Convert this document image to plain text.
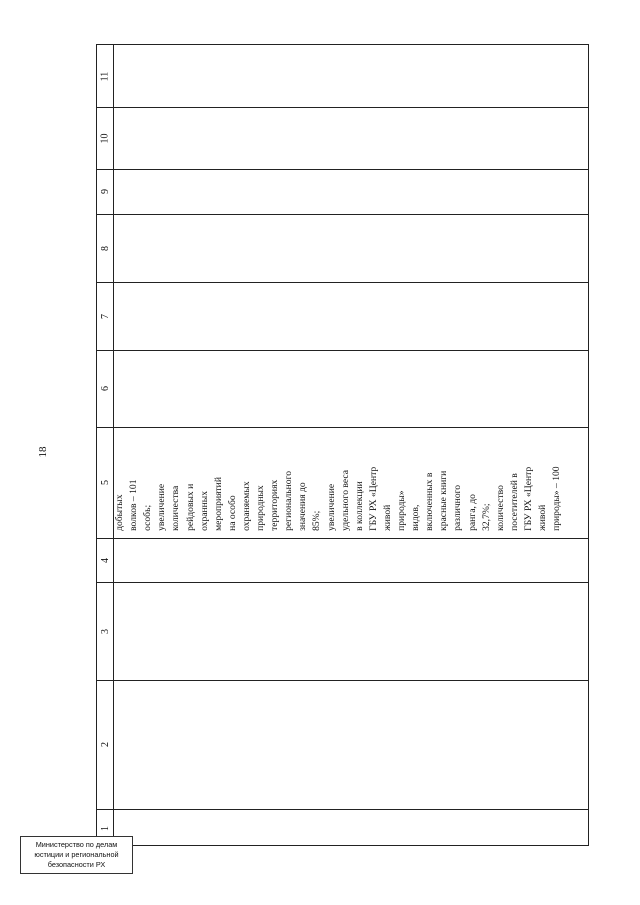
18
11
10
9
8
7
6
5
4
3
2
1
добытых волков – 101 особь; увеличение количества рейдовых и охранных мероприятий на особо охраняемых природных территориях регионального значения до 85%; увеличение удельного веса в коллекции ГБУ РХ «Центр живой природы» видов, включенных в красные книги различного ранга, до 32,7%; количество посетителей в ГБУ РХ «Центр живой природы» – 100
Министерство по делам
юстиции и региональной
безопасности РХ
